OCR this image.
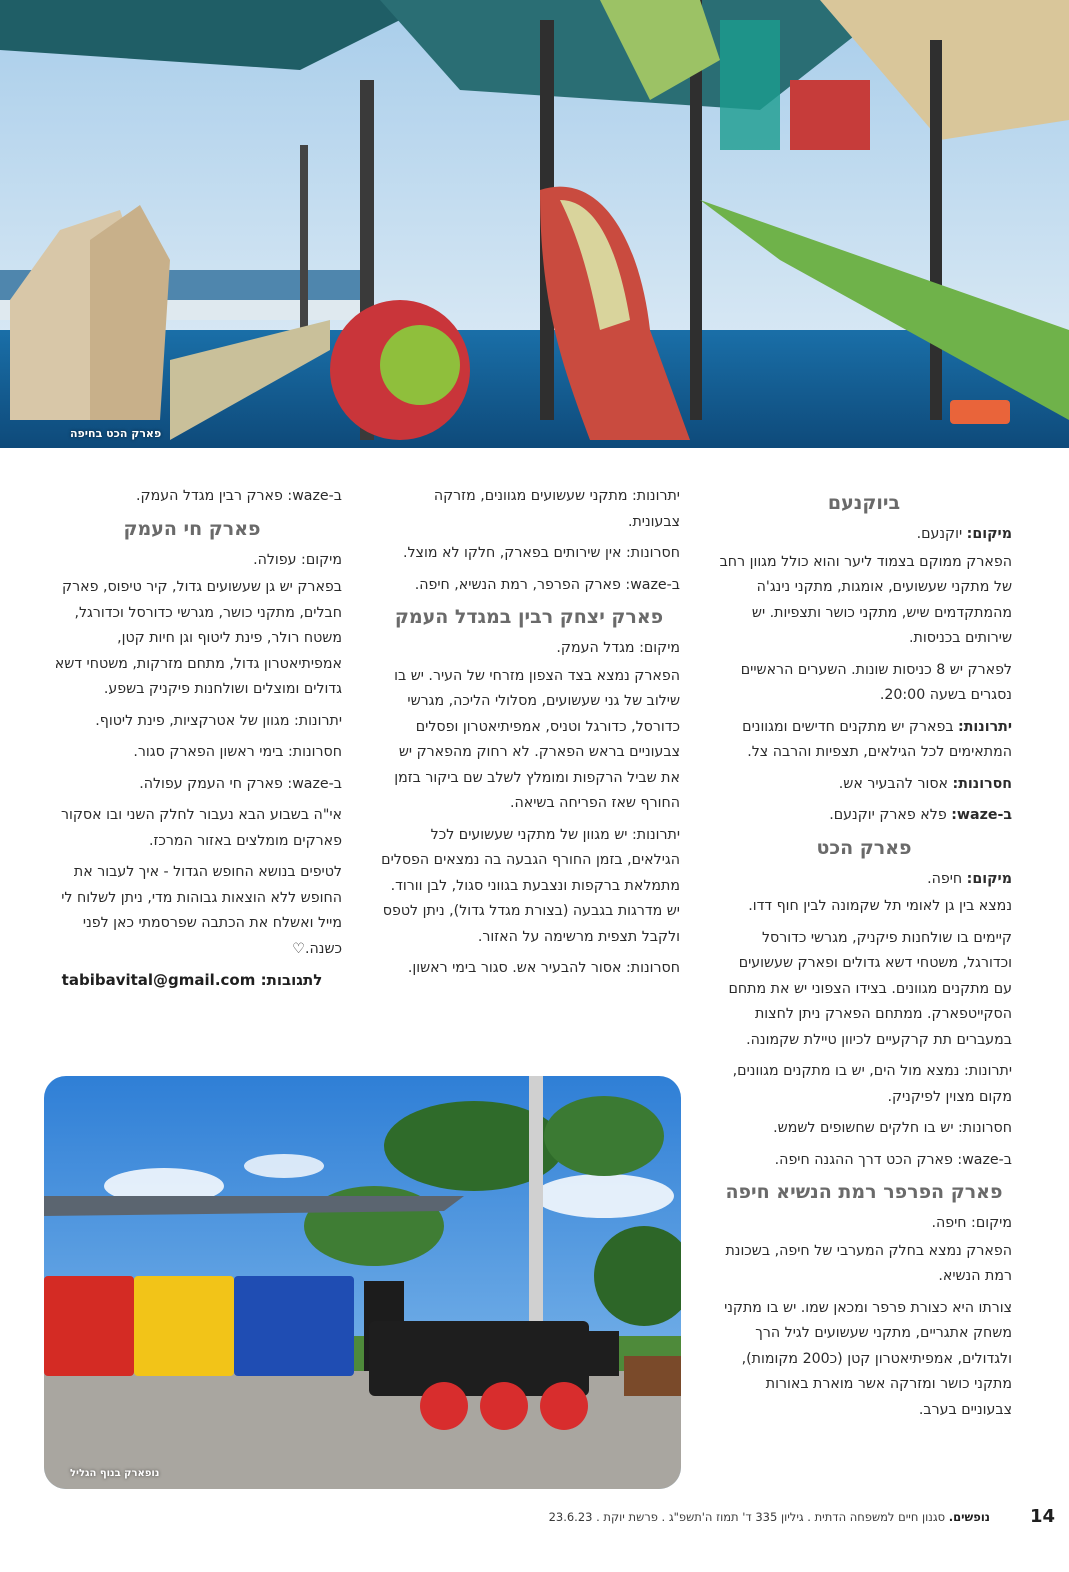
פארק הכט בחיפה
ביוקנעם

מיקום: יוקנעם.

הפארק ממוקם בצמוד ליער והוא כולל מגוון רחב של מתקני שעשועים, אומגות, מתקני נינג'ה מהמתקדמים שיש, מתקני כושר ותצפיות. יש שירותים בכניסות.

לפארק יש 8 כניסות שונות. השערים הראשיים נסגרים בשעה 20:00.

יתרונות: בפארק יש מתקנים חדישים ומגוונים המתאימים לכל הגילאים, תצפיות והרבה צל.

חסרונות: אסור להבעיר אש.

ב-waze: פלא פארק יוקנעם.

פארק הכט

מיקום: חיפה.

נמצא בין גן לאומי תל שקמונה לבין חוף דדו.

קיימים בו שולחנות פיקניק, מגרשי כדורסל וכדורגל, משטחי דשא גדולים ופארק שעשועים עם מתקנים מגוונים. בצידו הצפוני יש את מתחם הסקייטפארק. ממתחם הפארק ניתן לחצות במעברים תת קרקעיים לכיוון טיילת שקמונה.

יתרונות: נמצא מול הים, יש בו מתקנים מגוונים, מקום מצוין לפיקניק.

חסרונות: יש בו חלקים שחשופים לשמש.

ב-waze: פארק הכט דרך ההגנה חיפה.

פארק הפרפר רמת הנשיא חיפה

מיקום: חיפה.

הפארק נמצא בחלק המערבי של חיפה, בשכונת רמת הנשיא.

צורתו היא כצורת פרפר ומכאן שמו. יש בו מתקני משחק אתגריים, מתקני שעשועים לגיל הרך ולגדולים, אמפיתיאטרון קטן (כ200 מקומות), מתקני כושר ומזרקה אשר מוארת באורות צבעוניים בערב.

יתרונות: מתקני שעשועים מגוונים, מזרקה צבעונית.

חסרונות: אין שירותים בפארק, חלקו לא מוצל.

ב-waze: פארק הפרפר, רמת הנשיא, חיפה.

פארק יצחק רבין במגדל העמק

מיקום: מגדל העמק.

הפארק נמצא בצד הצפון מזרחי של העיר. יש בו שילוב של גני שעשועים, מסלולי הליכה, מגרשי כדורסל, כדורגל וטניס, אמפיתיאטרון ופסלים צבעוניים בראש הפארק. לא רחוק מהפארק יש את שביל הרקפות ומומלץ לשלב שם ביקור בזמן החורף שאז הפריחה בשיאה.

יתרונות: יש מגוון של מתקני שעשועים לכל הגילאים, בזמן החורף הגבעה בה נמצאים הפסלים מתמלאת ברקפות ונצבעת בגווני סגול, לבן וורוד. יש מדרגות בגבעה (בצורת מגדל גדול), ניתן לטפס ולקבל תצפית מרשימה על האזור.

חסרונות: אסור להבעיר אש. סגור בימי ראשון.

ב-waze: פארק רבין מגדל העמק.

פארק חי העמק

מיקום: עפולה.

בפארק יש גן שעשועים גדול, קיר טיפוס, פארק חבלים, מתקני כושר, מגרשי כדורסל וכדורגל, משטח רולר, פינת ליטוף וגן חיות קטן, אמפיתיאטרון גדול, מתחם מזרקות, משטחי דשא גדולים ומוצלים ושולחנות פיקניק בשפע.

יתרונות: מגוון של אטרקציות, פינת ליטוף.

חסרונות: בימי ראשון הפארק סגור.

ב-waze: פארק חי העמק עפולה.

אי"ה בשבוע הבא נעבור לחלק השני ובו אסקור פארקים מומלצים באזור המרכז.

לטיפים בנושא החופש הגדול - איך לעבור את החופש ללא הוצאות גבוהות מדי, ניתן לשלוח לי מייל ואשלח את הכתבה שפרסמתי כאן לפני כשנה.♡

לתגובות: tabibavital@gmail.com
נופארק בנוף הגליל
נופשים. סגנון חיים למשפחה הדתית . גיליון 335 ד' תמוז ה'תשפ"ג . פרשת יוקת . 23.6.23	14
